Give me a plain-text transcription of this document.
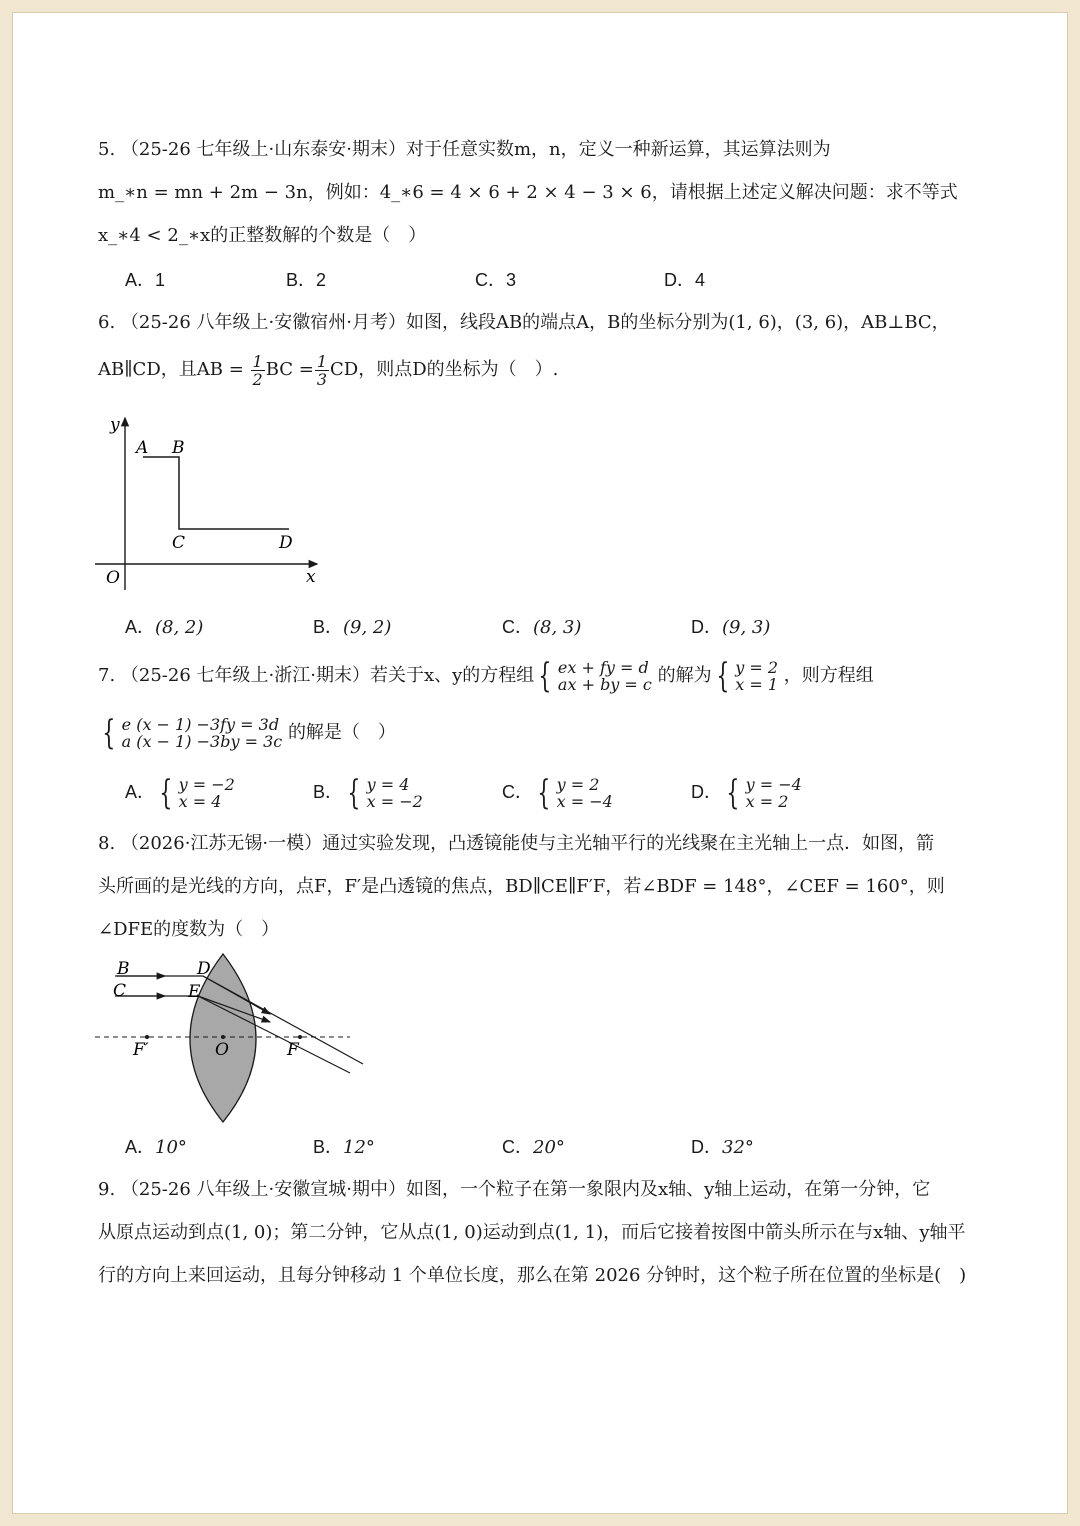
5. （25-26 七年级上·山东泰安·期末）对于任意实数m，n，定义一种新运算，其运算法则为
m_∗n = mn + 2m − 3n，例如：4_∗6 = 4 × 6 + 2 × 4 − 3 × 6，请根据上述定义解决问题：求不等式
x_∗4 < 2_∗x的正整数解的个数是（　）
A．1	B．2	C．3	D．4
6. （25-26 八年级上·安徽宿州·月考）如图，线段AB的端点A，B的坐标分别为(1, 6)，(3, 6)，AB⊥BC，
AB∥CD，且AB = $\frac{1}{2}$ BC = $\frac{1}{3}$ CD，则点D的坐标为（　）.
y
x
O
A B
C	D
A．(8, 2)	B．(9, 2)	C．(8, 3)	D．(9, 3)
7. （25-26 七年级上·浙江·期末）若关于x、y的方程组 { ex + fy = d
ax + by = c 的解为 { y = 2
x = 1 ，则方程组
{ e (x − 1) −3fy = 3d
a (x − 1) −3by = 3c 的解是（　）
A． { y = −2
x = 4	B． { y = 4
x = −2	C． { y = 2
x = −4	D． { y = −4
x = 2
8. （2026·江苏无锡·一模）通过实验发现，凸透镜能使与主光轴平行的光线聚在主光轴上一点．如图，箭
头所画的是光线的方向，点F，F′是凸透镜的焦点，BD∥CE∥F′F，若∠BDF = 148°，∠CEF = 160°，则
∠DFE的度数为（　）
B
C
D
E
F′	O	F
A．10°	B．12°	C．20°	D．32°
9. （25-26 八年级上·安徽宣城·期中）如图，一个粒子在第一象限内及x轴、y轴上运动，在第一分钟，它
从原点运动到点(1, 0)；第二分钟，它从点(1, 0)运动到点(1, 1)，而后它接着按图中箭头所示在与x轴、y轴平
行的方向上来回运动，且每分钟移动 1 个单位长度，那么在第 2026 分钟时，这个粒子所在位置的坐标是(　)
